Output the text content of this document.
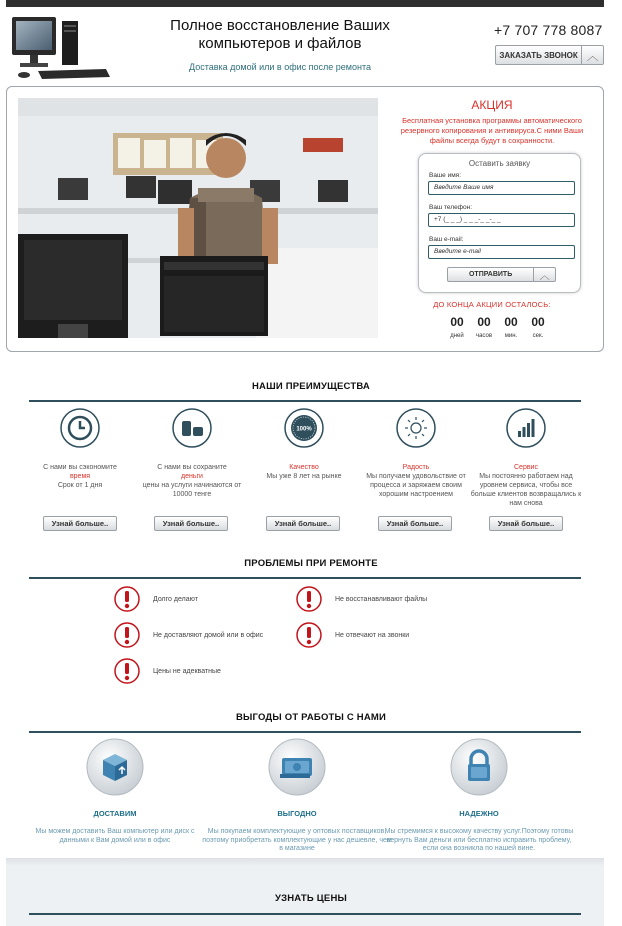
Полное восстановление Ваших компьютеров и файлов
Доставка домой или в офис после ремонта
+7 707 778 8087
ЗАКАЗАТЬ ЗВОНОК ︿
АКЦИЯ
Бесплатная установка программы автоматического резервного копирования и антивируса.С ними Ваши файлы всегда будут в сохранности.
Оставить заявку
Ваше имя:
Введите Ваше имя
Ваш телефон:
+7 (_ _ _) _ _ _-_ _-_ _
Ваш e-mail:
Введите e-mail
ОТПРАВИТЬ	︿
ДО КОНЦА АКЦИИ ОСТАЛОСЬ:
00
дней
00
часов
00
мин.
00
сек.
НАШИ ПРЕИМУЩЕСТВА
С нами вы сэкономите
время
Срок от 1 дня
С нами вы сохраните
деньги
цены на услуги начинаются от 10000 тенге
100%
Качество
Мы уже 8 лет на рынке
Радость
Мы получаем удовольствие от процесса и заряжаем своим хорошим настроением
Сервис
Мы постоянно работаем над уровнем сервиса, чтобы все больше клиентов возвращались к нам снова
Узнай больше..	Узнай больше..	Узнай больше..	Узнай больше..	Узнай больше..
ПРОБЛЕМЫ ПРИ РЕМОНТЕ
Долго делают	Не восстанавливают файлы
Не доставляют домой или в офис	Не отвечают на звонки
Цены не адекватные
ВЫГОДЫ ОТ РАБОТЫ С НАМИ
ДОСТАВИМ
Мы можем доставить Ваш компьютер или диск с данными к Вам домой или в офис
ВЫГОДНО
Мы покупаем комплектующие у оптовых поставщиков, поэтому приобретать комплектующие у нас дешевле, чем в магазине
НАДЕЖНО
Мы стремимся к высокому качеству услуг.Поэтому готовы вернуть Вам деньги или бесплатно исправить проблему, если она возникла по нашей вине.
УЗНАТЬ ЦЕНЫ
